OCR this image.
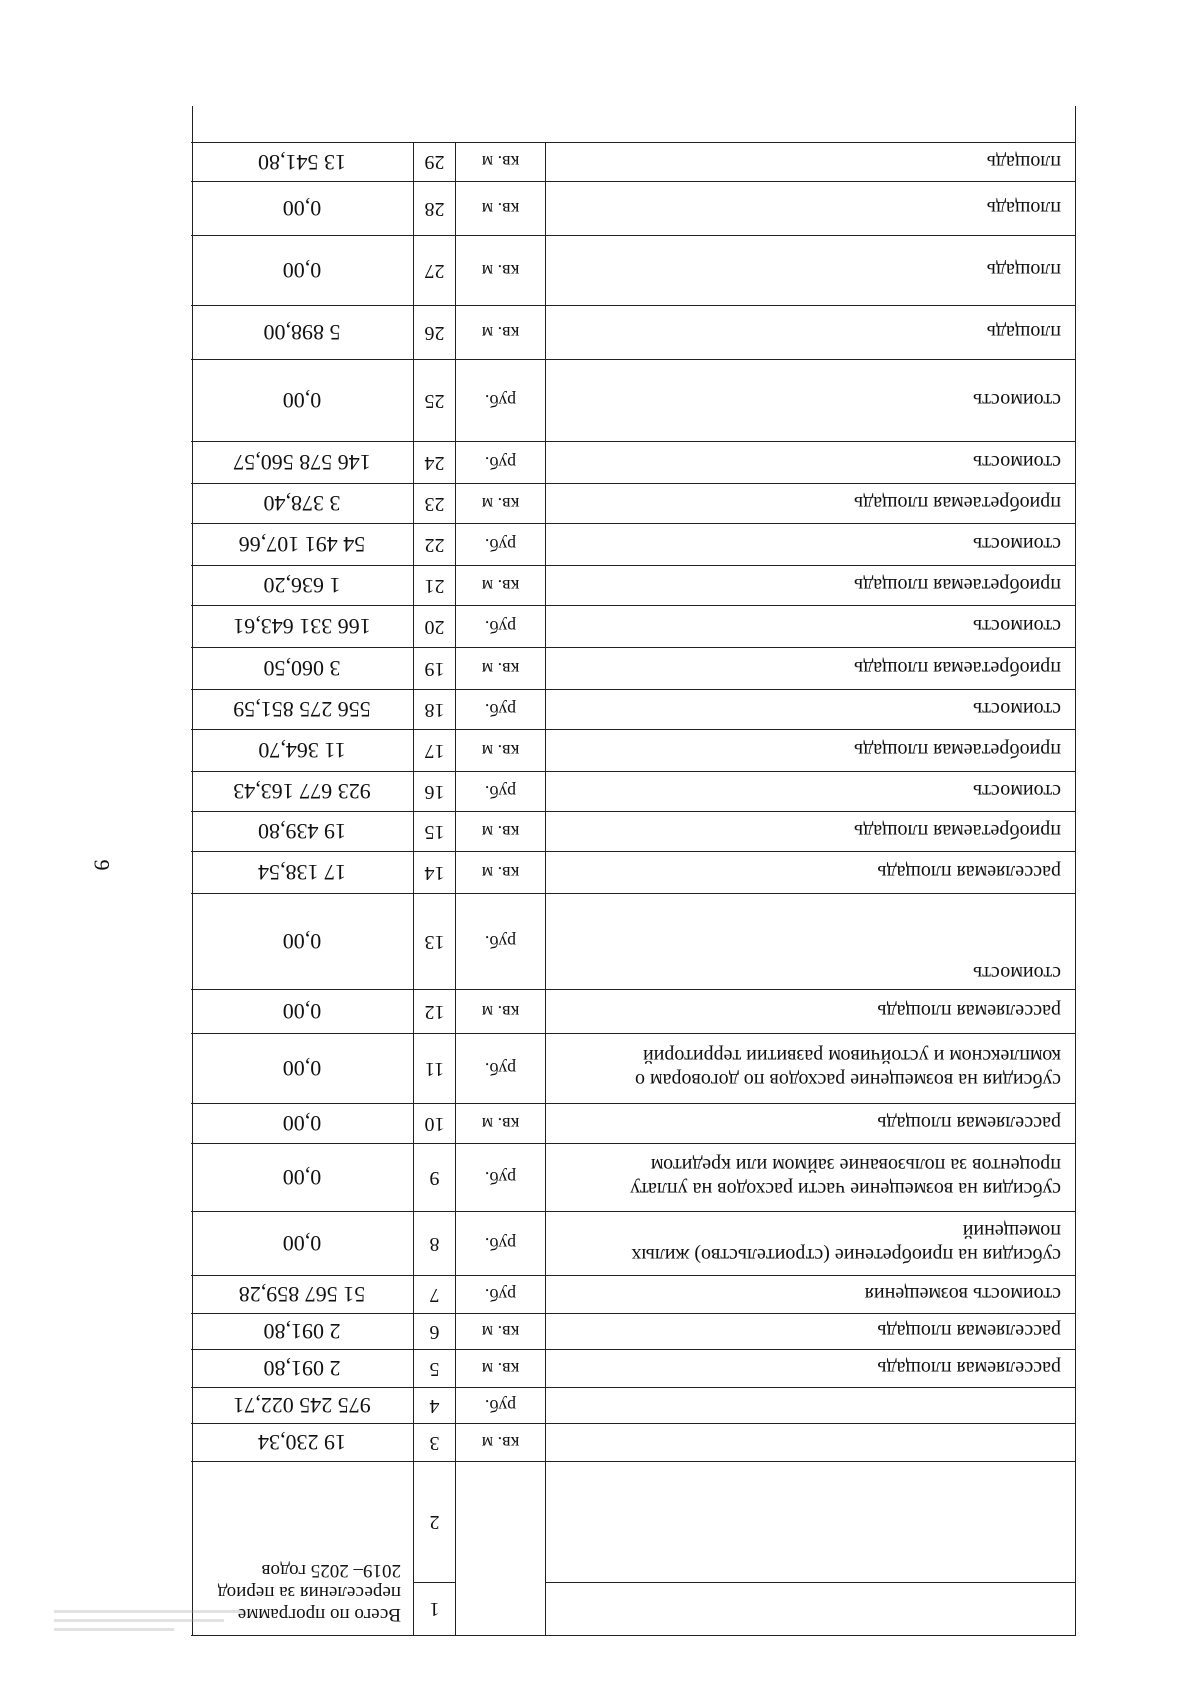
9
1
2
Всего по программе переселения за период 2019– 2025 годов
кв. м
3
19 230,34
руб.
4
975 245 022,71
расселяемая площадь
кв. м
5
2 091,80
расселяемая площадь
кв. м
6
2 091,80
стоимость возмещения
руб.
7
51 567 859,28
субсидия на приобретение (строительство) жилых помещений
руб.
8
0,00
субсидия на возмещение части расходов на уплату процентов за пользование займом или кредитом
руб.
9
0,00
расселяемая площадь
кв. м
10
0,00
субсидия на возмещение расходов по договорам о комплексном и устойчивом развитии территорий
руб.
11
0,00
расселяемая площадь
кв. м
12
0,00
стоимость
руб.
13
0,00
расселяемая площадь
кв. м
14
17 138,54
приобретаемая площадь
кв. м
15
19 439,80
стоимость
руб.
16
923 677 163,43
приобретаемая площадь
кв. м
17
11 364,70
стоимость
руб.
18
556 275 851,59
приобретаемая площадь
кв. м
19
3 060,50
стоимость
руб.
20
166 331 643,61
приобретаемая площадь
кв. м
21
1 636,20
стоимость
руб.
22
54 491 107,66
приобретаемая площадь
кв. м
23
3 378,40
стоимость
руб.
24
146 578 560,57
стоимость
руб.
25
0,00
площадь
кв. м
26
5 898,00
площадь
кв. м
27
0,00
площадь
кв. м
28
0,00
площадь
кв. м
29
13 541,80
